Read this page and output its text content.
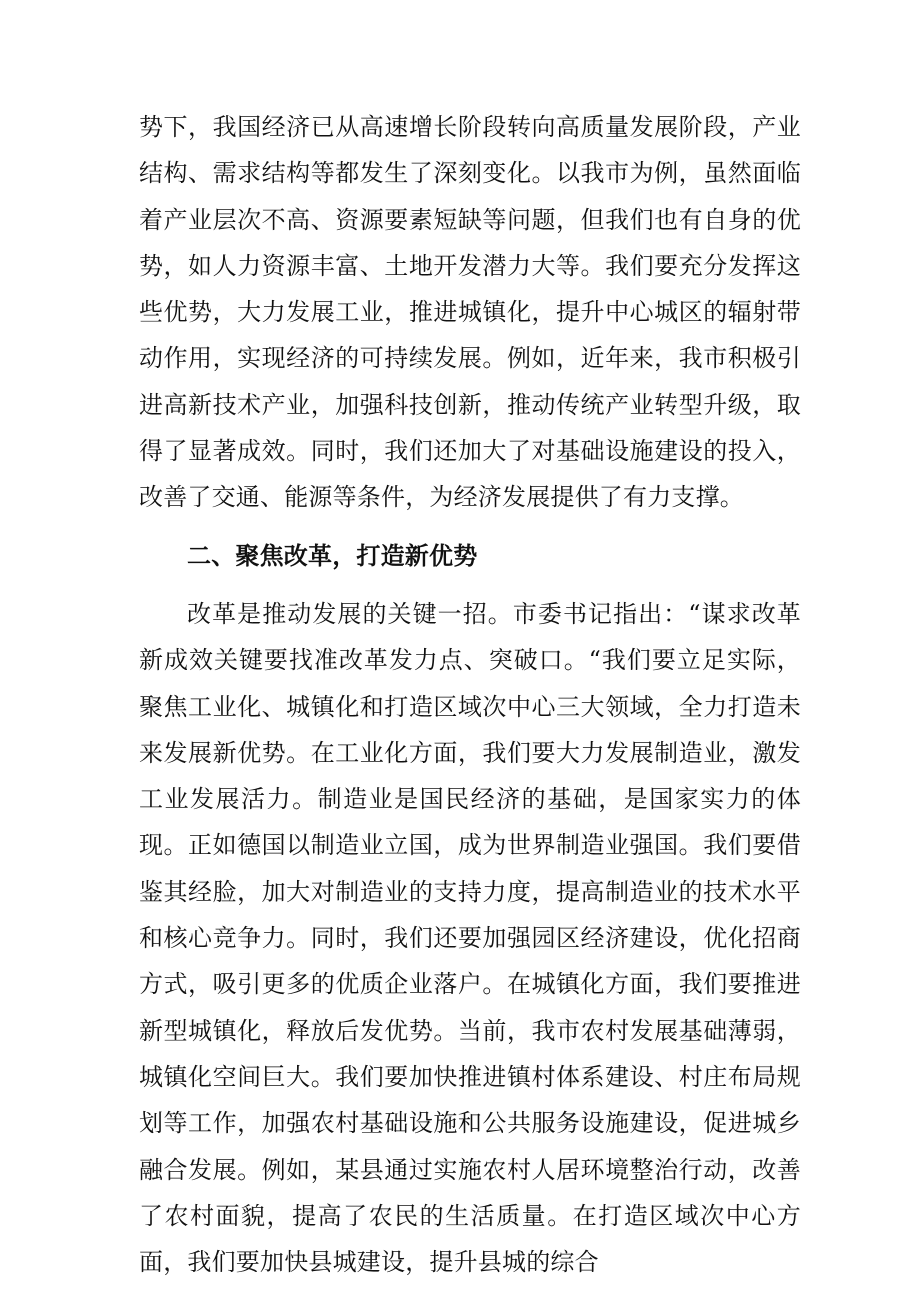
势下，我国经济已从高速增长阶段转向高质量发展阶段，产业结构、需求结构等都发生了深刻变化。以我市为例，虽然面临着产业层次不高、资源要素短缺等问题，但我们也有自身的优势，如人力资源丰富、土地开发潜力大等。我们要充分发挥这些优势，大力发展工业，推进城镇化，提升中心城区的辐射带动作用，实现经济的可持续发展。例如，近年来，我市积极引进高新技术产业，加强科技创新，推动传统产业转型升级，取得了显著成效。同时，我们还加大了对基础设施建设的投入，改善了交通、能源等条件，为经济发展提供了有力支撑。

二、聚焦改革，打造新优势

改革是推动发展的关键一招。市委书记指出：“谋求改革新成效关键要找准改革发力点、突破口。“我们要立足实际，聚焦工业化、城镇化和打造区域次中心三大领域，全力打造未来发展新优势。在工业化方面，我们要大力发展制造业，激发工业发展活力。制造业是国民经济的基础，是国家实力的体现。正如德国以制造业立国，成为世界制造业强国。我们要借鉴其经脸，加大对制造业的支持力度，提高制造业的技术水平和核心竞争力。同时，我们还要加强园区经济建设，优化招商方式，吸引更多的优质企业落户。在城镇化方面，我们要推进新型城镇化，释放后发优势。当前，我市农村发展基础薄弱，城镇化空间巨大。我们要加快推进镇村体系建设、村庄布局规划等工作，加强农村基础设施和公共服务设施建设，促进城乡融合发展。例如，某县通过实施农村人居环境整治行动，改善了农村面貌，提高了农民的生活质量。在打造区域次中心方面，我们要加快县城建设，提升县城的综合
